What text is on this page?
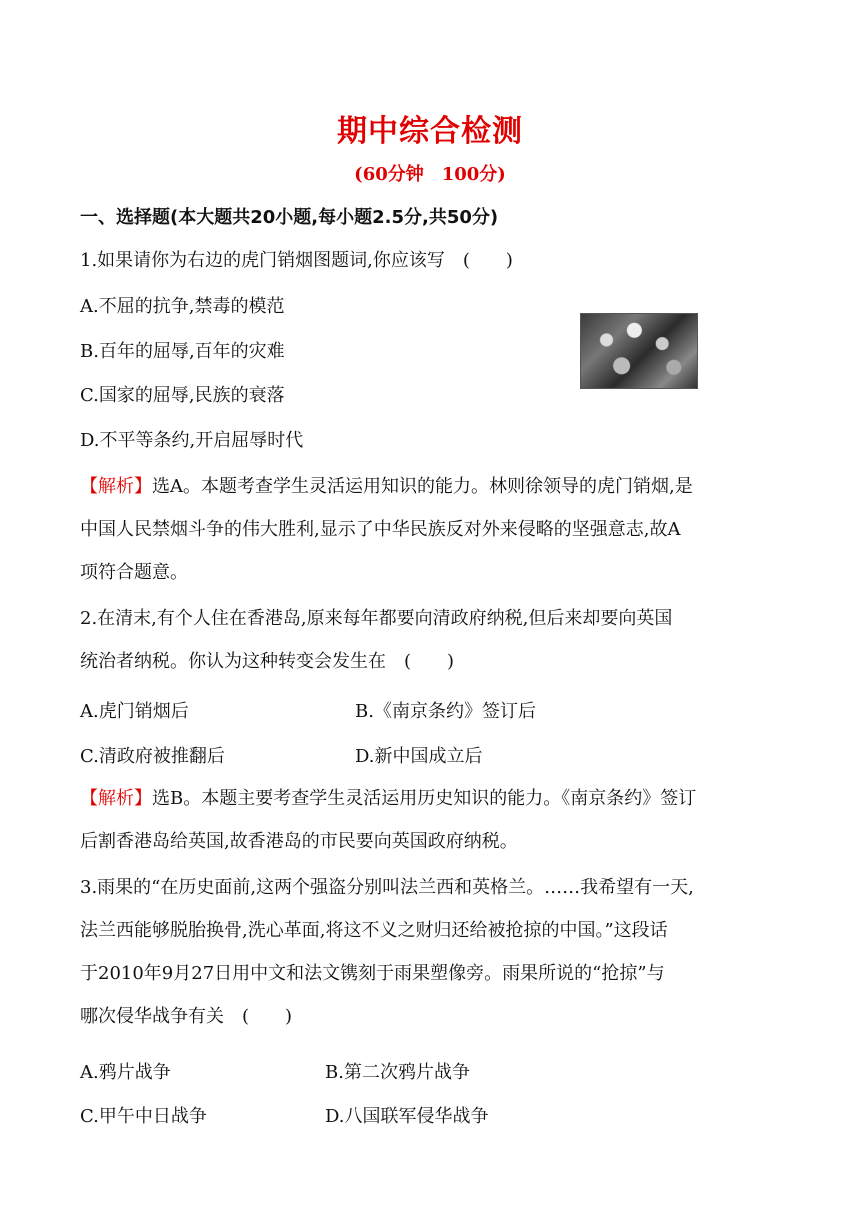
期中综合检测
(60分钟　100分)
一、选择题(本大题共20小题,每小题2.5分,共50分)
1.如果请你为右边的虎门销烟图题词,你应该写　(　　)
A.不屈的抗争,禁毒的模范
B.百年的屈辱,百年的灾难
C.国家的屈辱,民族的衰落
D.不平等条约,开启屈辱时代
【解析】选A。本题考查学生灵活运用知识的能力。林则徐领导的虎门销烟,是
中国人民禁烟斗争的伟大胜利,显示了中华民族反对外来侵略的坚强意志,故A
项符合题意。
2.在清末,有个人住在香港岛,原来每年都要向清政府纳税,但后来却要向英国
统治者纳税。你认为这种转变会发生在　(　　)
A.虎门销烟后	B.《南京条约》签订后
C.清政府被推翻后	D.新中国成立后
【解析】选B。本题主要考查学生灵活运用历史知识的能力。《南京条约》签订
后割香港岛给英国,故香港岛的市民要向英国政府纳税。
3.雨果的“在历史面前,这两个强盗分别叫法兰西和英格兰。……我希望有一天,
法兰西能够脱胎换骨,洗心革面,将这不义之财归还给被抢掠的中国。”这段话
于2010年9月27日用中文和法文镌刻于雨果塑像旁。雨果所说的“抢掠”与
哪次侵华战争有关　(　　)
A.鸦片战争	B.第二次鸦片战争
C.甲午中日战争	D.八国联军侵华战争
